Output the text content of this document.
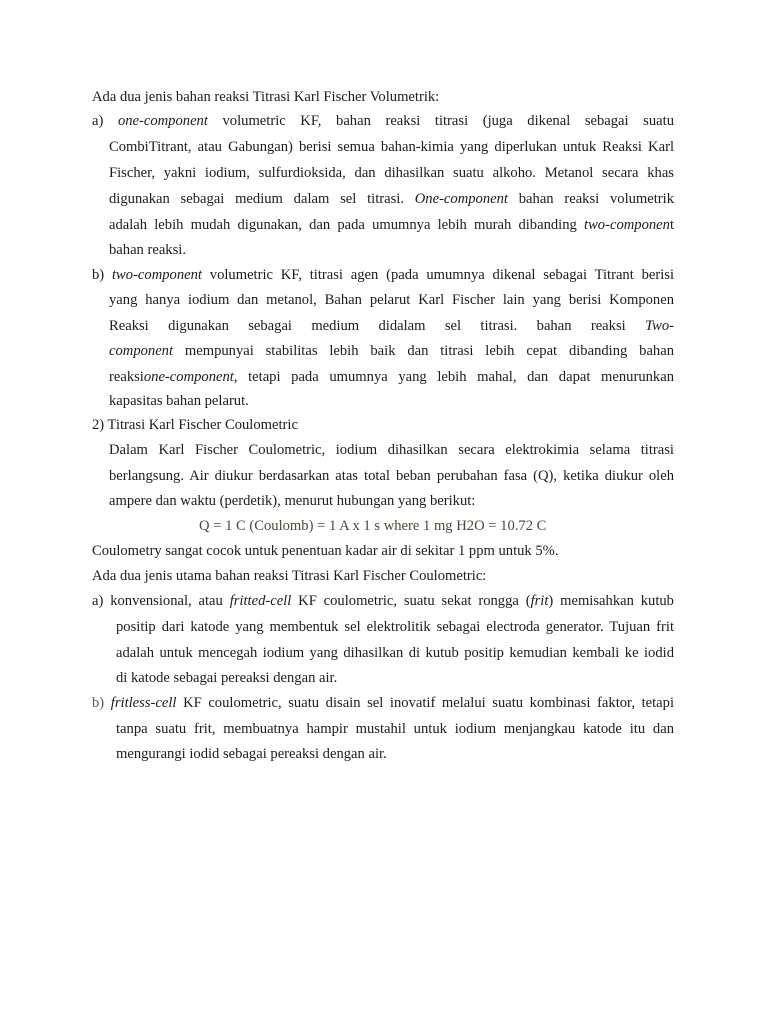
Ada dua jenis bahan reaksi Titrasi Karl Fischer Volumetrik:
a) one-component volumetric KF, bahan reaksi titrasi (juga dikenal sebagai suatu
CombiTitrant, atau Gabungan) berisi semua bahan-kimia yang diperlukan untuk Reaksi Karl
Fischer, yakni iodium, sulfurdioksida, dan dihasilkan suatu alkoho. Metanol secara khas
digunakan sebagai medium dalam sel titrasi. One-component bahan reaksi volumetrik
adalah lebih mudah digunakan, dan pada umumnya lebih murah dibanding two-component
bahan reaksi.
b) two-component volumetric KF, titrasi agen (pada umumnya dikenal sebagai Titrant berisi
yang hanya iodium dan metanol, Bahan pelarut Karl Fischer lain yang berisi Komponen
Reaksi digunakan sebagai medium didalam sel titrasi. bahan reaksi Two-
component mempunyai stabilitas lebih baik dan titrasi lebih cepat dibanding bahan
reaksione-component, tetapi pada umumnya yang lebih mahal, dan dapat menurunkan
kapasitas bahan pelarut.
2) Titrasi Karl Fischer Coulometric
Dalam Karl Fischer Coulometric, iodium dihasilkan secara elektrokimia selama titrasi
berlangsung. Air diukur berdasarkan atas total beban perubahan fasa (Q), ketika diukur oleh
ampere dan waktu (perdetik), menurut hubungan yang berikut:
Q = 1 C (Coulomb) = 1 A x 1 s where 1 mg H2O = 10.72 C
Coulometry sangat cocok untuk penentuan kadar air di sekitar 1 ppm untuk 5%.
Ada dua jenis utama bahan reaksi Titrasi Karl Fischer Coulometric:
a) konvensional, atau fritted-cell KF coulometric, suatu sekat rongga (frit) memisahkan kutub
positip dari katode yang membentuk sel elektrolitik sebagai electroda generator. Tujuan frit
adalah untuk mencegah iodium yang dihasilkan di kutub positip kemudian kembali ke iodid
di katode sebagai pereaksi dengan air.
b) fritless-cell KF coulometric, suatu disain sel inovatif melalui suatu kombinasi faktor, tetapi
tanpa suatu frit, membuatnya hampir mustahil untuk iodium menjangkau katode itu dan
mengurangi iodid sebagai pereaksi dengan air.
